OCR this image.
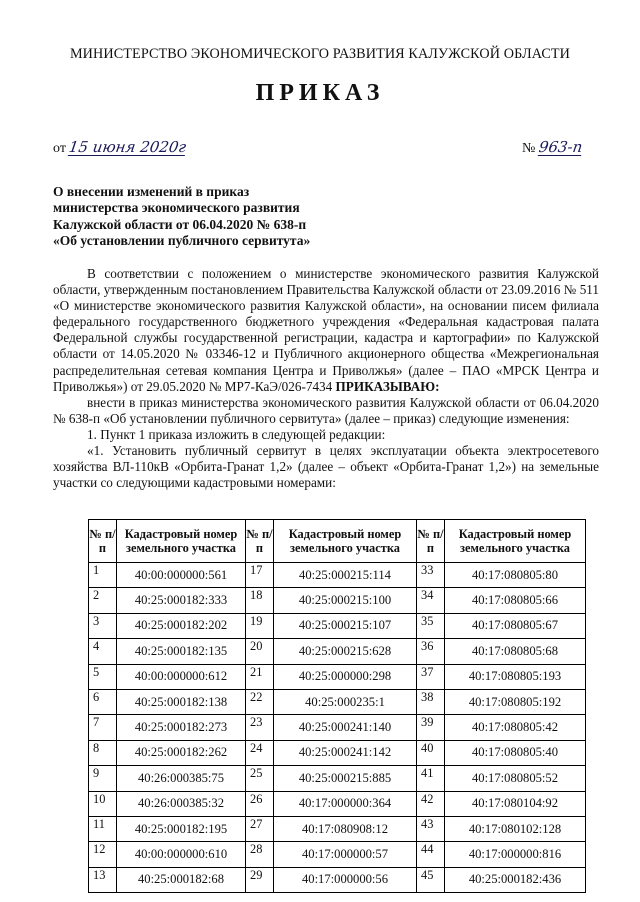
МИНИСТЕРСТВО ЭКОНОМИЧЕСКОГО РАЗВИТИЯ КАЛУЖСКОЙ ОБЛАСТИ
ПРИКАЗ
от 15 июня 2020г	№ 963-п
О внесении изменений в приказ
министерства экономического развития
Калужской области от 06.04.2020 № 638-п
«Об установлении публичного сервитута»

В соответствии с положением о министерстве экономического развития Калужской области, утвержденным постановлением Правительства Калужской области от 23.09.2016 № 511 «О министерстве экономического развития Калужской области», на основании писем филиала федерального государственного бюджетного учреждения «Федеральная кадастровая палата Федеральной службы государственной регистрации, кадастра и картографии» по Калужской области от 14.05.2020 № 03346-12 и Публичного акционерного общества «Межрегиональная распределительная сетевая компания Центра и Приволжья» (далее – ПАО «МРСК Центра и Приволжья») от 29.05.2020 № МР7-КаЭ/026-7434 ПРИКАЗЫВАЮ:

внести в приказ министерства экономического развития Калужской области от 06.04.2020 № 638-п «Об установлении публичного сервитута» (далее – приказ) следующие изменения:

1. Пункт 1 приказа изложить в следующей редакции:

«1. Установить публичный сервитут в целях эксплуатации объекта электросетевого хозяйства ВЛ-110кВ «Орбита-Гранат 1,2» (далее – объект «Орбита-Гранат 1,2») на земельные участки со следующими кадастровыми номерами:

№ п/п	Кадастровый номер земельного участка	№ п/п	Кадастровый номер земельного участка	№ п/п	Кадастровый номер земельного участка
1	40:00:000000:561	17	40:25:000215:114	33	40:17:080805:80
2	40:25:000182:333	18	40:25:000215:100	34	40:17:080805:66
3	40:25:000182:202	19	40:25:000215:107	35	40:17:080805:67
4	40:25:000182:135	20	40:25:000215:628	36	40:17:080805:68
5	40:00:000000:612	21	40:25:000000:298	37	40:17:080805:193
6	40:25:000182:138	22	40:25:000235:1	38	40:17:080805:192
7	40:25:000182:273	23	40:25:000241:140	39	40:17:080805:42
8	40:25:000182:262	24	40:25:000241:142	40	40:17:080805:40
9	40:26:000385:75	25	40:25:000215:885	41	40:17:080805:52
10	40:26:000385:32	26	40:17:000000:364	42	40:17:080104:92
11	40:25:000182:195	27	40:17:080908:12	43	40:17:080102:128
12	40:00:000000:610	28	40:17:000000:57	44	40:17:000000:816
13	40:25:000182:68	29	40:17:000000:56	45	40:25:000182:436
